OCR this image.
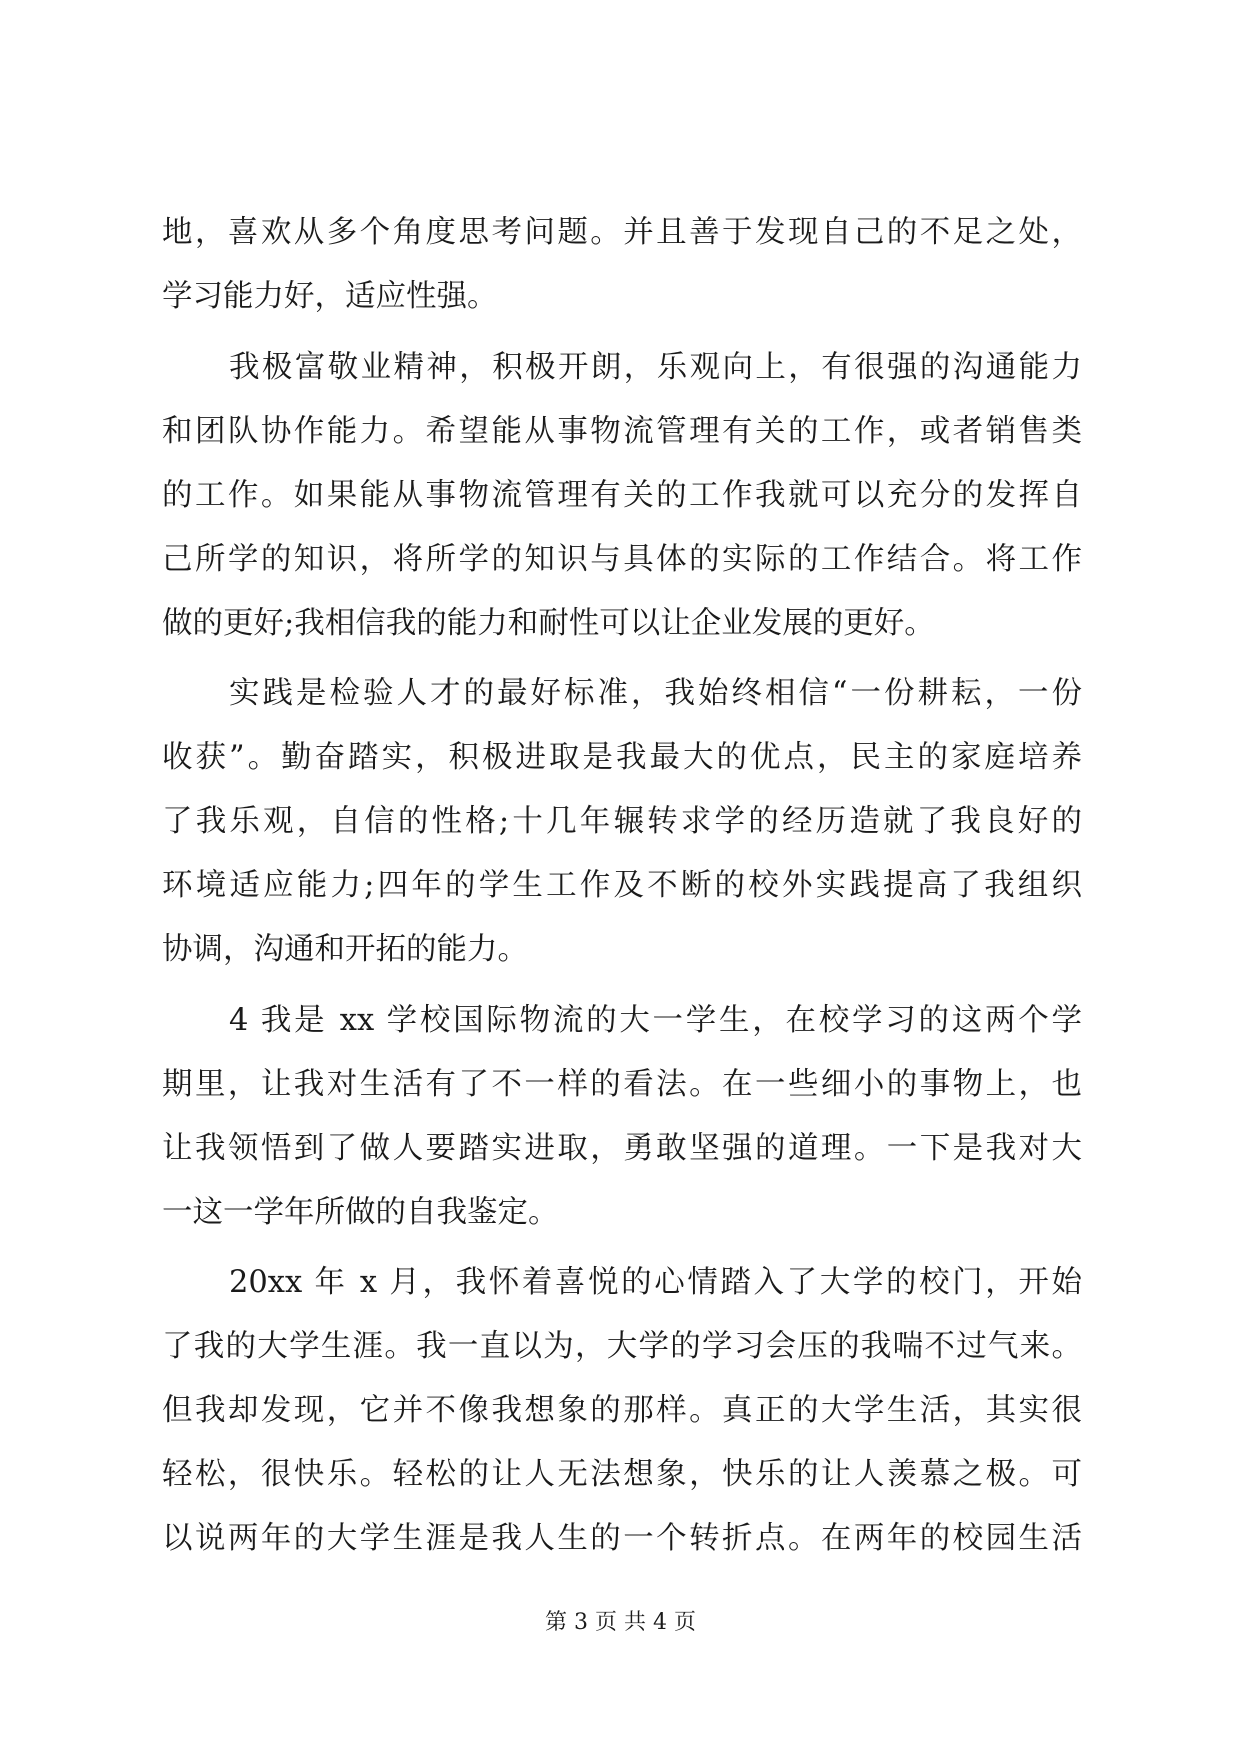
地，喜欢从多个角度思考问题。并且善于发现自己的不足之处，
学习能力好，适应性强。
我极富敬业精神，积极开朗，乐观向上，有很强的沟通能力
和团队协作能力。希望能从事物流管理有关的工作，或者销售类
的工作。如果能从事物流管理有关的工作我就可以充分的发挥自
己所学的知识，将所学的知识与具体的实际的工作结合。将工作
做的更好;我相信我的能力和耐性可以让企业发展的更好。
实践是检验人才的最好标准，我始终相信“一份耕耘，一份
收获”。勤奋踏实，积极进取是我最大的优点，民主的家庭培养
了我乐观，自信的性格;十几年辗转求学的经历造就了我良好的
环境适应能力;四年的学生工作及不断的校外实践提高了我组织
协调，沟通和开拓的能力。
4 我是 xx 学校国际物流的大一学生，在校学习的这两个学
期里，让我对生活有了不一样的看法。在一些细小的事物上，也
让我领悟到了做人要踏实进取，勇敢坚强的道理。一下是我对大
一这一学年所做的自我鉴定。
20xx 年 x 月，我怀着喜悦的心情踏入了大学的校门，开始
了我的大学生涯。我一直以为，大学的学习会压的我喘不过气来。
但我却发现，它并不像我想象的那样。真正的大学生活，其实很
轻松，很快乐。轻松的让人无法想象，快乐的让人羡慕之极。可
以说两年的大学生涯是我人生的一个转折点。在两年的校园生活
第 3 页 共 4 页
